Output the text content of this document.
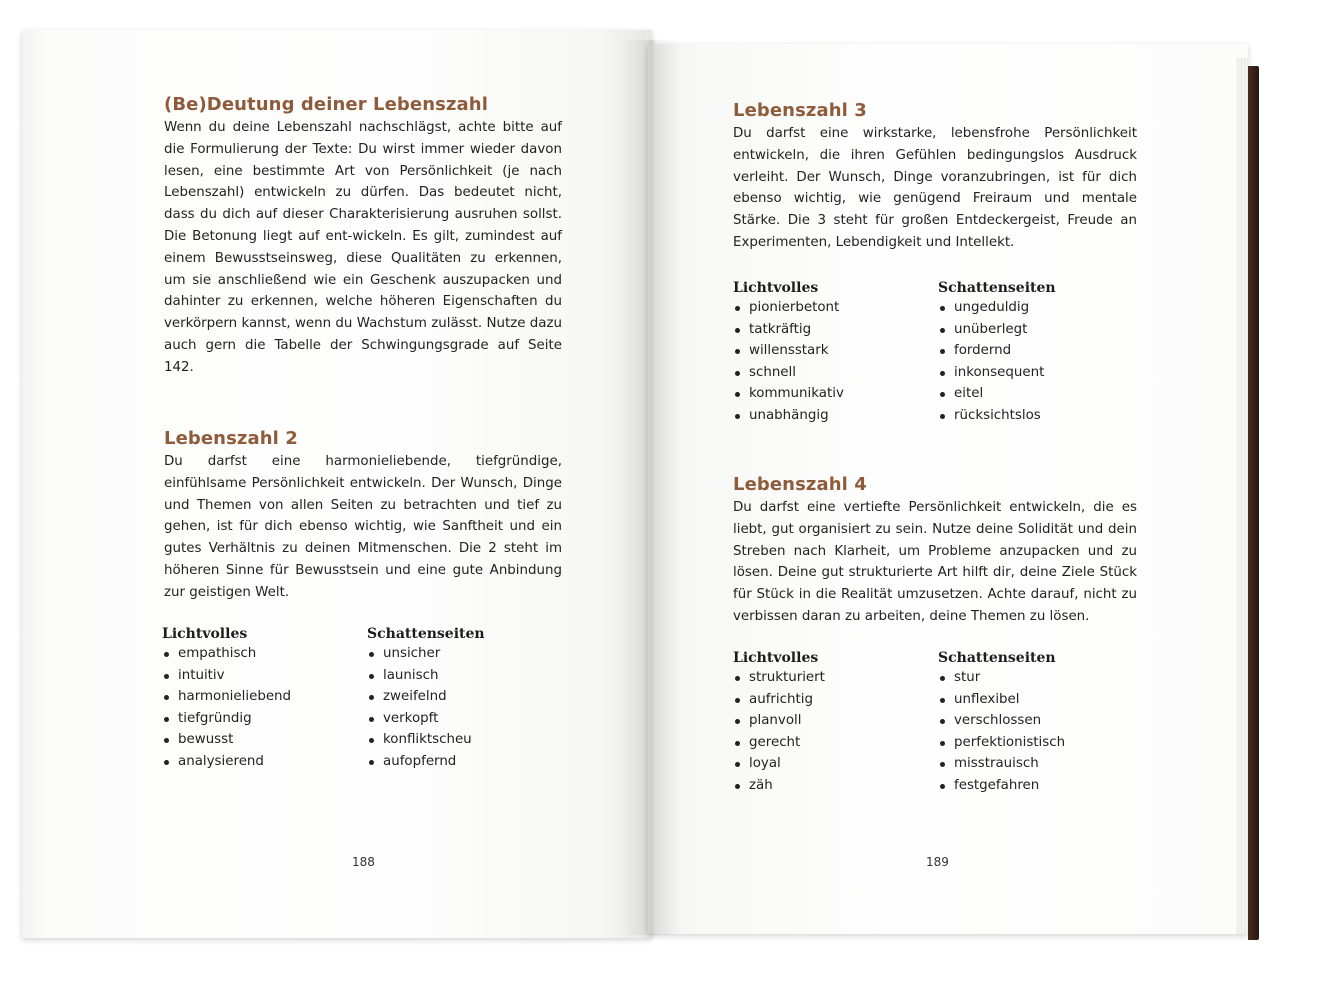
(Be)Deutung deiner Lebenszahl

Wenn du deine Lebenszahl nachschlägst, achte bitte auf die Formulierung der Texte: Du wirst immer wieder davon lesen, eine bestimmte Art von Persönlichkeit (je nach Lebenszahl) entwickeln zu dürfen. Das bedeutet nicht, dass du dich auf dieser Charakterisierung ausruhen sollst. Die Betonung liegt auf ent-wickeln. Es gilt, zumindest auf einem Bewusstseinsweg, diese Qualitäten zu erkennen, um sie anschließend wie ein Geschenk auszupacken und dahinter zu erkennen, welche höheren Eigenschaften du verkörpern kannst, wenn du Wachstum zulässt. Nutze dazu auch gern die Tabelle der Schwingungsgrade auf Seite 142.

Lebenszahl 2

Du darfst eine harmonieliebende, tiefgründige, einfühlsame Persönlichkeit entwickeln. Der Wunsch, Dinge und Themen von allen Seiten zu betrachten und tief zu gehen, ist für dich ebenso wichtig, wie Sanftheit und ein gutes Verhältnis zu deinen Mitmenschen. Die 2 steht im höheren Sinne für Bewusstsein und eine gute Anbindung zur geistigen Welt.

Lichtvolles
empathisch
intuitiv
harmonieliebend
tiefgründig
bewusst
analysierend
Schattenseiten
unsicher
launisch
zweifelnd
verkopft
konfliktscheu
aufopfernd
188
Lebenszahl 3

Du darfst eine wirkstarke, lebensfrohe Persönlichkeit entwickeln, die ihren Gefühlen bedingungslos Ausdruck verleiht. Der Wunsch, Dinge voranzubringen, ist für dich ebenso wichtig, wie genügend Freiraum und mentale Stärke. Die 3 steht für großen Entdeckergeist, Freude an Experimenten, Lebendigkeit und Intellekt.

Lichtvolles
pionierbetont
tatkräftig
willensstark
schnell
kommunikativ
unabhängig
Schattenseiten
ungeduldig
unüberlegt
fordernd
inkonsequent
eitel
rücksichtslos
Lebenszahl 4

Du darfst eine vertiefte Persönlichkeit entwickeln, die es liebt, gut organisiert zu sein. Nutze deine Solidität und dein Streben nach Klarheit, um Probleme anzupacken und zu lösen. Deine gut strukturierte Art hilft dir, deine Ziele Stück für Stück in die Realität umzusetzen. Achte darauf, nicht zu verbissen daran zu arbeiten, deine Themen zu lösen.

Lichtvolles
strukturiert
aufrichtig
planvoll
gerecht
loyal
zäh
Schattenseiten
stur
unflexibel
verschlossen
perfektionistisch
misstrauisch
festgefahren
189
